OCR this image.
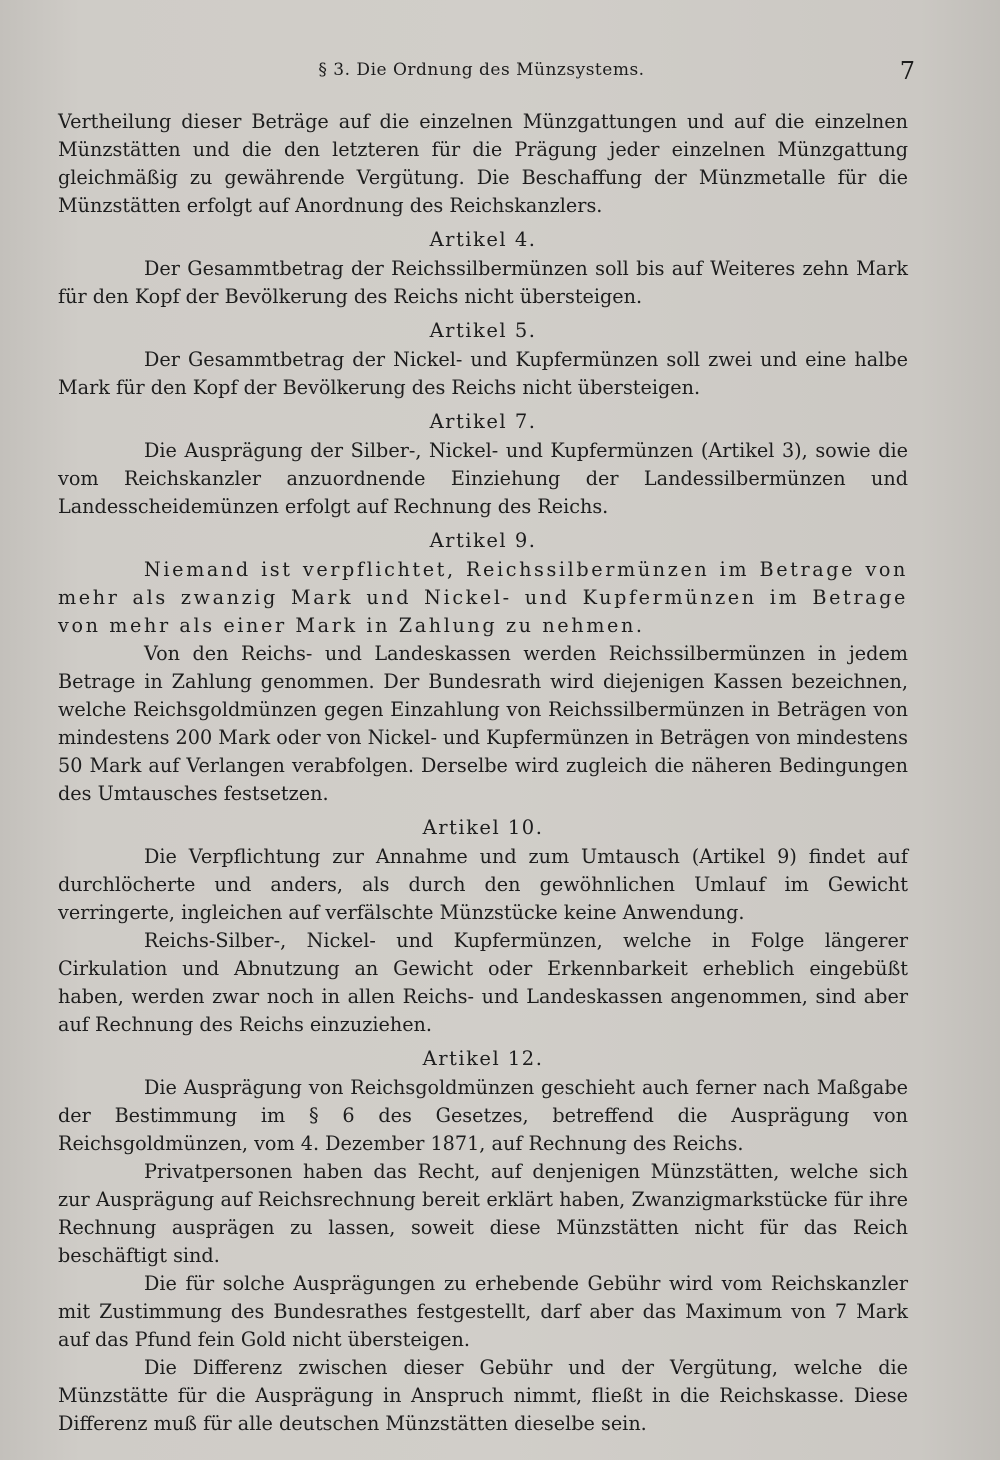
§ 3. Die Ordnung des Münzsystems.	7

Vertheilung dieser Beträge auf die einzelnen Münzgattungen und auf die einzelnen Münzstätten und die den letzteren für die Prägung jeder einzelnen Münzgattung gleichmäßig zu gewährende Vergütung. Die Beschaffung der Münzmetalle für die Münzstätten erfolgt auf Anordnung des Reichskanzlers.

Artikel 4.

Der Gesammtbetrag der Reichssilbermünzen soll bis auf Weiteres zehn Mark für den Kopf der Bevölkerung des Reichs nicht übersteigen.

Artikel 5.

Der Gesammtbetrag der Nickel- und Kupfermünzen soll zwei und eine halbe Mark für den Kopf der Bevölkerung des Reichs nicht übersteigen.

Artikel 7.

Die Ausprägung der Silber-, Nickel- und Kupfermünzen (Artikel 3), sowie die vom Reichskanzler anzuordnende Einziehung der Landessilbermünzen und Landesscheidemünzen erfolgt auf Rechnung des Reichs.

Artikel 9.

Niemand ist verpflichtet, Reichssilbermünzen im Betrage von mehr als zwanzig Mark und Nickel- und Kupfermünzen im Betrage von mehr als einer Mark in Zahlung zu nehmen.

Von den Reichs- und Landeskassen werden Reichssilbermünzen in jedem Betrage in Zahlung genommen. Der Bundesrath wird diejenigen Kassen bezeichnen, welche Reichsgoldmünzen gegen Einzahlung von Reichssilbermünzen in Beträgen von mindestens 200 Mark oder von Nickel- und Kupfermünzen in Beträgen von mindestens 50 Mark auf Verlangen verabfolgen. Derselbe wird zugleich die näheren Bedingungen des Umtausches festsetzen.

Artikel 10.

Die Verpflichtung zur Annahme und zum Umtausch (Artikel 9) findet auf durchlöcherte und anders, als durch den gewöhnlichen Umlauf im Gewicht verringerte, ingleichen auf verfälschte Münzstücke keine Anwendung.

Reichs-Silber-, Nickel- und Kupfermünzen, welche in Folge längerer Cirkulation und Abnutzung an Gewicht oder Erkennbarkeit erheblich eingebüßt haben, werden zwar noch in allen Reichs- und Landeskassen angenommen, sind aber auf Rechnung des Reichs einzuziehen.

Artikel 12.

Die Ausprägung von Reichsgoldmünzen geschieht auch ferner nach Maßgabe der Bestimmung im § 6 des Gesetzes, betreffend die Ausprägung von Reichsgoldmünzen, vom 4. Dezember 1871, auf Rechnung des Reichs.

Privatpersonen haben das Recht, auf denjenigen Münzstätten, welche sich zur Ausprägung auf Reichsrechnung bereit erklärt haben, Zwanzigmarkstücke für ihre Rechnung ausprägen zu lassen, soweit diese Münzstätten nicht für das Reich beschäftigt sind.

Die für solche Ausprägungen zu erhebende Gebühr wird vom Reichskanzler mit Zustimmung des Bundesrathes festgestellt, darf aber das Maximum von 7 Mark auf das Pfund fein Gold nicht übersteigen.

Die Differenz zwischen dieser Gebühr und der Vergütung, welche die Münzstätte für die Ausprägung in Anspruch nimmt, fließt in die Reichskasse. Diese Differenz muß für alle deutschen Münzstätten dieselbe sein.
